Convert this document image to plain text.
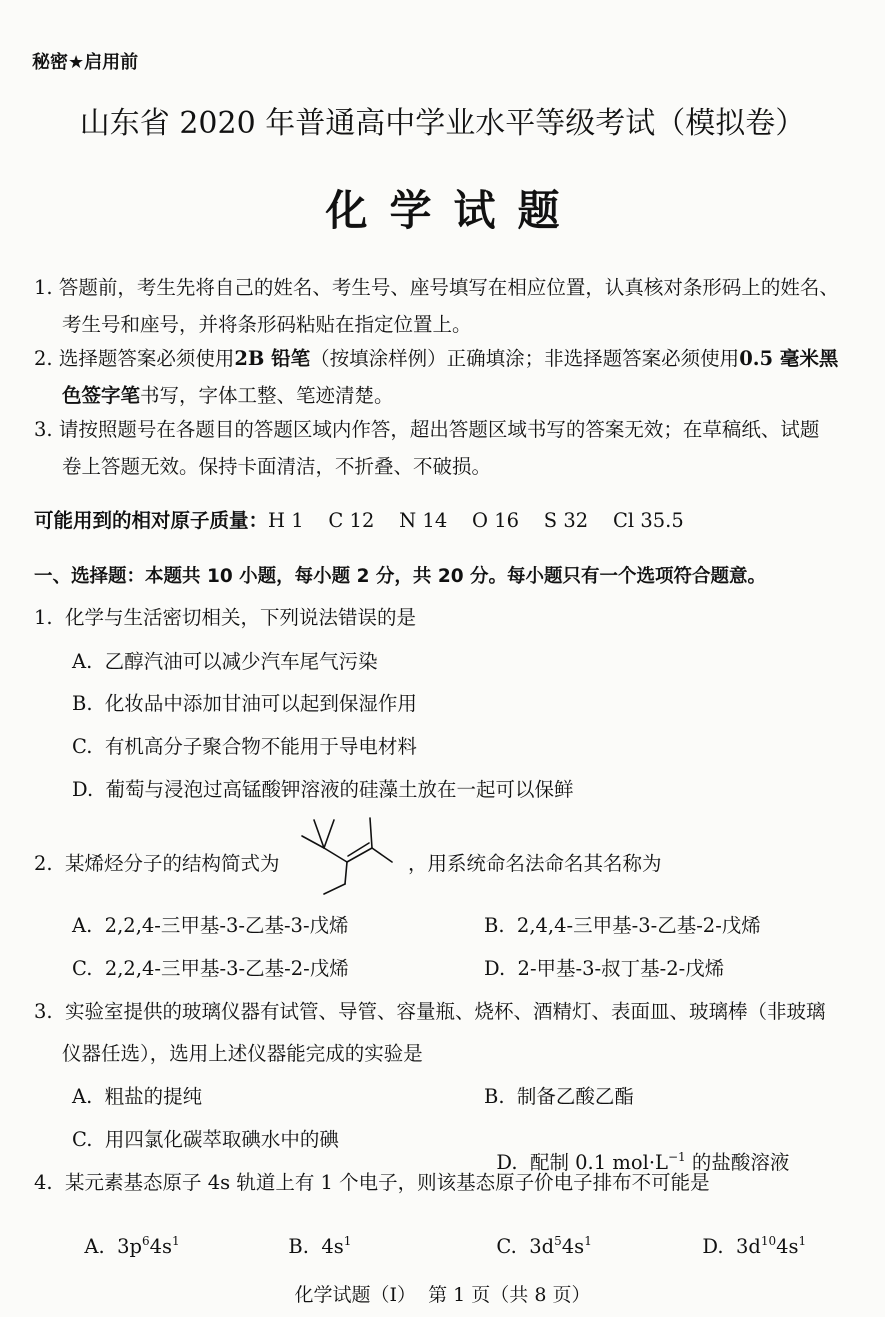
秘密★启用前
山东省 2020 年普通高中学业水平等级考试（模拟卷）
化学试题
1. 答题前，考生先将自己的姓名、考生号、座号填写在相应位置，认真核对条形码上的姓名、
考生号和座号，并将条形码粘贴在指定位置上。
2. 选择题答案必须使用2B 铅笔（按填涂样例）正确填涂；非选择题答案必须使用0.5 毫米黑
色签字笔书写，字体工整、笔迹清楚。
3. 请按照题号在各题目的答题区域内作答，超出答题区域书写的答案无效；在草稿纸、试题
卷上答题无效。保持卡面清洁，不折叠、不破损。
可能用到的相对原子质量：H 1    C 12    N 14    O 16    S 32    Cl 35.5
一、选择题：本题共 10 小题，每小题 2 分，共 20 分。每小题只有一个选项符合题意。
1.  化学与生活密切相关，下列说法错误的是
A.  乙醇汽油可以减少汽车尾气污染
B.  化妆品中添加甘油可以起到保湿作用
C.  有机高分子聚合物不能用于导电材料
D.  葡萄与浸泡过高锰酸钾溶液的硅藻土放在一起可以保鲜
2.  某烯烃分子的结构简式为	，用系统命名法命名其名称为
A.  2,2,4-三甲基-3-乙基-3-戊烯	B.  2,4,4-三甲基-3-乙基-2-戊烯
C.  2,2,4-三甲基-3-乙基-2-戊烯	D.  2-甲基-3-叔丁基-2-戊烯
3.  实验室提供的玻璃仪器有试管、导管、容量瓶、烧杯、酒精灯、表面皿、玻璃棒（非玻璃
仪器任选），选用上述仪器能完成的实验是
A.  粗盐的提纯	B.  制备乙酸乙酯
C.  用四氯化碳萃取碘水中的碘

D.  配制 0.1 $mol\cdot L^{-1}$ 的盐酸溶液

4.  某元素基态原子 4s 轨道上有 1 个电子，则该基态原子价电子排布不可能是

A.  $3p^64s^1$	B.  $4s^1$	C.  $3d^54s^1$	D.  $3d^{10}4s^1$

化学试题（Ⅰ）  第 1 页（共 8 页）
